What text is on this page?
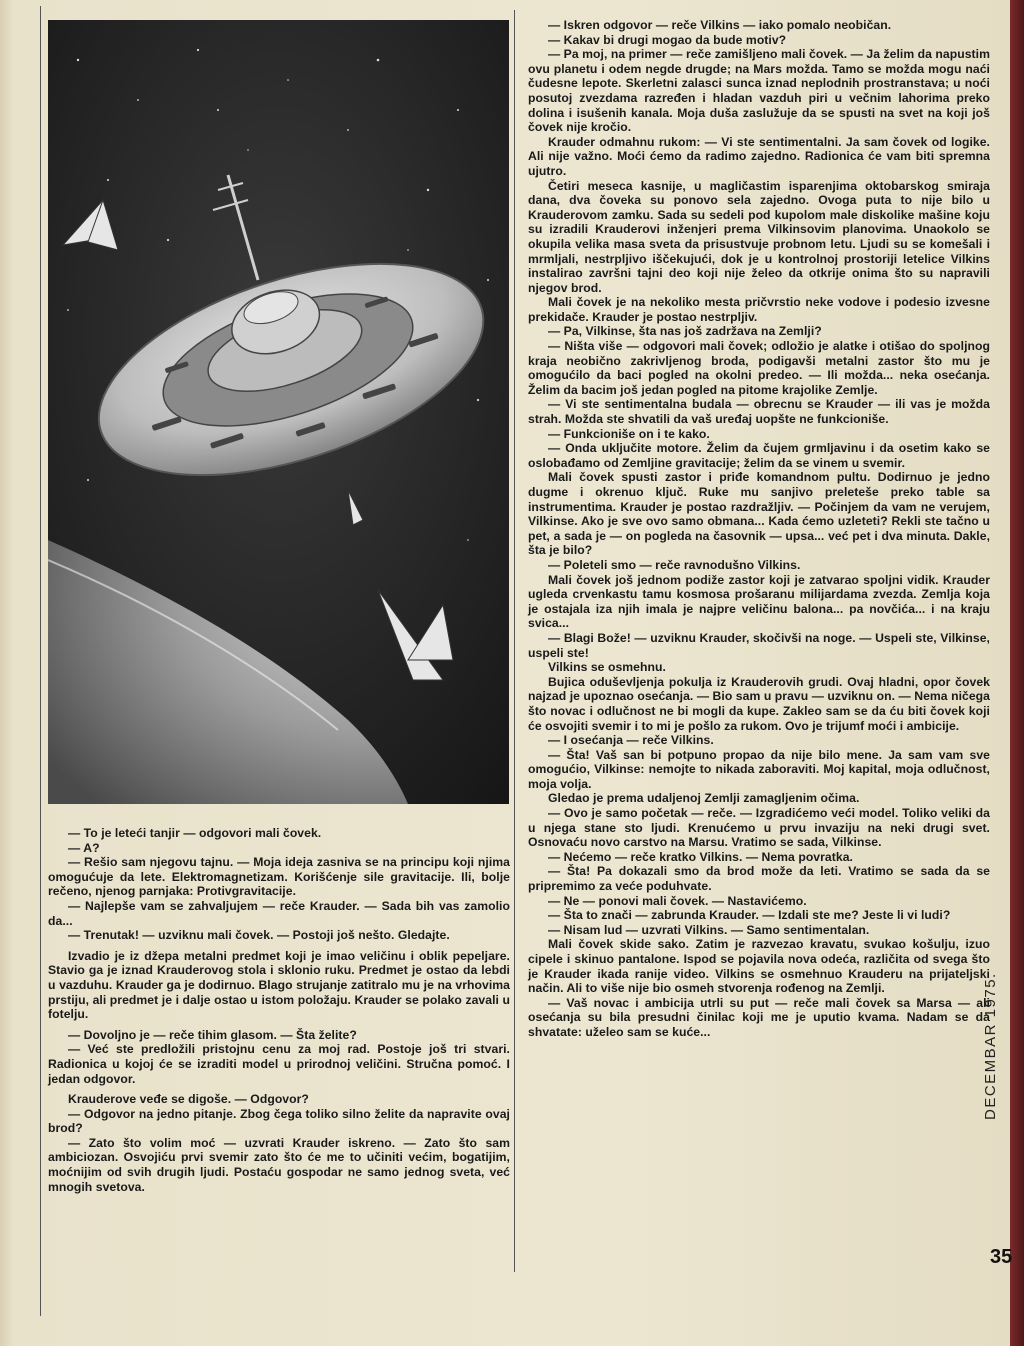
— To je leteći tanjir — odgovori mali čovek.

— A?

— Rešio sam njegovu tajnu. — Moja ideja zasniva se na principu koji njima omogućuje da lete. Elektromagnetizam. Korišćenje sile gravitacije. Ili, bolje rečeno, njenog parnjaka: Protivgravitacije.

— Najlepše vam se zahvaljujem — reče Krauder. — Sada bih vas zamolio da...

— Trenutak! — uzviknu mali čovek. — Postoji još nešto. Gledajte.

Izvadio je iz džepa metalni predmet koji je imao veličinu i oblik pepeljare. Stavio ga je iznad Krauderovog stola i sklonio ruku. Predmet je ostao da lebdi u vazduhu. Krauder ga je dodirnuo. Blago strujanje zatitralo mu je na vrhovima prstiju, ali predmet je i dalje ostao u istom položaju. Krauder se polako zavali u fotelju.

— Dovoljno je — reče tihim glasom. — Šta želite?

— Već ste predložili pristojnu cenu za moj rad. Postoje još tri stvari. Radionica u kojoj će se izraditi model u prirodnoj veličini. Stručna pomoć. I jedan odgovor.

Krauderove veđe se digoše. — Odgovor?

— Odgovor na jedno pitanje. Zbog čega toliko silno želite da napravite ovaj brod?

— Zato što volim moć — uzvrati Krauder iskreno. — Zato što sam ambiciozan. Osvojiću prvi svemir zato što će me to učiniti većim, bogatijim, moćnijim od svih drugih ljudi. Postaću gospodar ne samo jednog sveta, već mnogih svetova.

— Iskren odgovor — reče Vilkins — iako pomalo neobičan.

— Kakav bi drugi mogao da bude motiv?

— Pa moj, na primer — reče zamišljeno mali čovek. — Ja želim da napustim ovu planetu i odem negde drugde; na Mars možda. Tamo se možda mogu naći čudesne lepote. Skerletni zalasci sunca iznad neplodnih prostranstava; u noći posutoj zvezdama razređen i hladan vazduh piri u večnim lahorima preko dolina i isušenih kanala. Moja duša zaslužuje da se spusti na svet na koji još čovek nije kročio.

Krauder odmahnu rukom: — Vi ste sentimentalni. Ja sam čovek od logike. Ali nije važno. Moći ćemo da radimo zajedno. Radionica će vam biti spremna ujutro.

Četiri meseca kasnije, u magličastim isparenjima oktobarskog smiraja dana, dva čoveka su ponovo sela zajedno. Ovoga puta to nije bilo u Krauderovom zamku. Sada su sedeli pod kupolom male diskolike mašine koju su izradili Krauderovi inženjeri prema Vilkinsovim planovima. Unaokolo se okupila velika masa sveta da prisustvuje probnom letu. Ljudi su se komešali i mrmljali, nestrpljivo iščekujući, dok je u kontrolnoj prostoriji letelice Vilkins instalirao završni tajni deo koji nije želeo da otkrije onima što su napravili njegov brod.

Mali čovek je na nekoliko mesta pričvrstio neke vodove i podesio izvesne prekidače. Krauder je postao nestrpljiv.

— Pa, Vilkinse, šta nas još zadržava na Zemlji?

— Ništa više — odgovori mali čovek; odložio je alatke i otišao do spoljnog kraja neobično zakrivljenog broda, podigavši metalni zastor što mu je omogućilo da baci pogled na okolni predeo. — Ili možda... neka osećanja. Želim da bacim još jedan pogled na pitome krajolike Zemlje.

— Vi ste sentimentalna budala — obrecnu se Krauder — ili vas je možda strah. Možda ste shvatili da vaš uređaj uopšte ne funkcioniše.

— Funkcioniše on i te kako.

— Onda uključite motore. Želim da čujem grmljavinu i da osetim kako se oslobađamo od Zemljine gravitacije; želim da se vinem u svemir.

Mali čovek spusti zastor i priđe komandnom pultu. Dodirnuo je jedno dugme i okrenuo ključ. Ruke mu sanjivo preleteše preko table sa instrumentima. Krauder je postao razdražljiv. — Počinjem da vam ne verujem, Vilkinse. Ako je sve ovo samo obmana... Kada ćemo uzleteti? Rekli ste tačno u pet, a sada je — on pogleda na časovnik — upsa... već pet i dva minuta. Dakle, šta je bilo?

— Poleteli smo — reče ravnodušno Vilkins.

Mali čovek još jednom podiže zastor koji je zatvarao spoljni vidik. Krauder ugleda crvenkastu tamu kosmosa prošaranu milijardama zvezda. Zemlja koja je ostajala iza njih imala je najpre veličinu balona... pa novčića... i na kraju svica...

— Blagi Bože! — uzviknu Krauder, skočivši na noge. — Uspeli ste, Vilkinse, uspeli ste!

Vilkins se osmehnu.

Bujica oduševljenja pokulja iz Krauderovih grudi. Ovaj hladni, opor čovek najzad je upoznao osećanja. — Bio sam u pravu — uzviknu on. — Nema ničega što novac i odlučnost ne bi mogli da kupe. Zakleo sam se da ću biti čovek koji će osvojiti svemir i to mi je pošlo za rukom. Ovo je trijumf moći i ambicije.

— I osećanja — reče Vilkins.

— Šta! Vaš san bi potpuno propao da nije bilo mene. Ja sam vam sve omogućio, Vilkinse: nemojte to nikada zaboraviti. Moj kapital, moja odlučnost, moja volja.

Gledao je prema udaljenoj Zemlji zamagljenim očima.

— Ovo je samo početak — reče. — Izgradićemo veći model. Toliko veliki da u njega stane sto ljudi. Krenućemo u prvu invaziju na neki drugi svet. Osnovaću novo carstvo na Marsu. Vratimo se sada, Vilkinse.

— Nećemo — reče kratko Vilkins. — Nema povratka.

— Šta! Pa dokazali smo da brod može da leti. Vratimo se sada da se pripremimo za veće poduhvate.

— Ne — ponovi mali čovek. — Nastavićemo.

— Šta to znači — zabrunda Krauder. — Izdali ste me? Jeste li vi ludi?

— Nisam lud — uzvrati Vilkins. — Samo sentimentalan.

Mali čovek skide sako. Zatim je razvezao kravatu, svukao košulju, izuo cipele i skinuo pantalone. Ispod se pojavila nova odeća, različita od svega što je Krauder ikada ranije video. Vilkins se osmehnuo Krauderu na prijateljski način. Ali to više nije bio osmeh stvorenja rođenog na Zemlji.

— Vaš novac i ambicija utrli su put — reče mali čovek sa Marsa — ali osećanja su bila presudni činilac koji me je uputio kvama. Nadam se da shvatate: uželeo sam se kuće...	DECEMBAR 1975.
35
